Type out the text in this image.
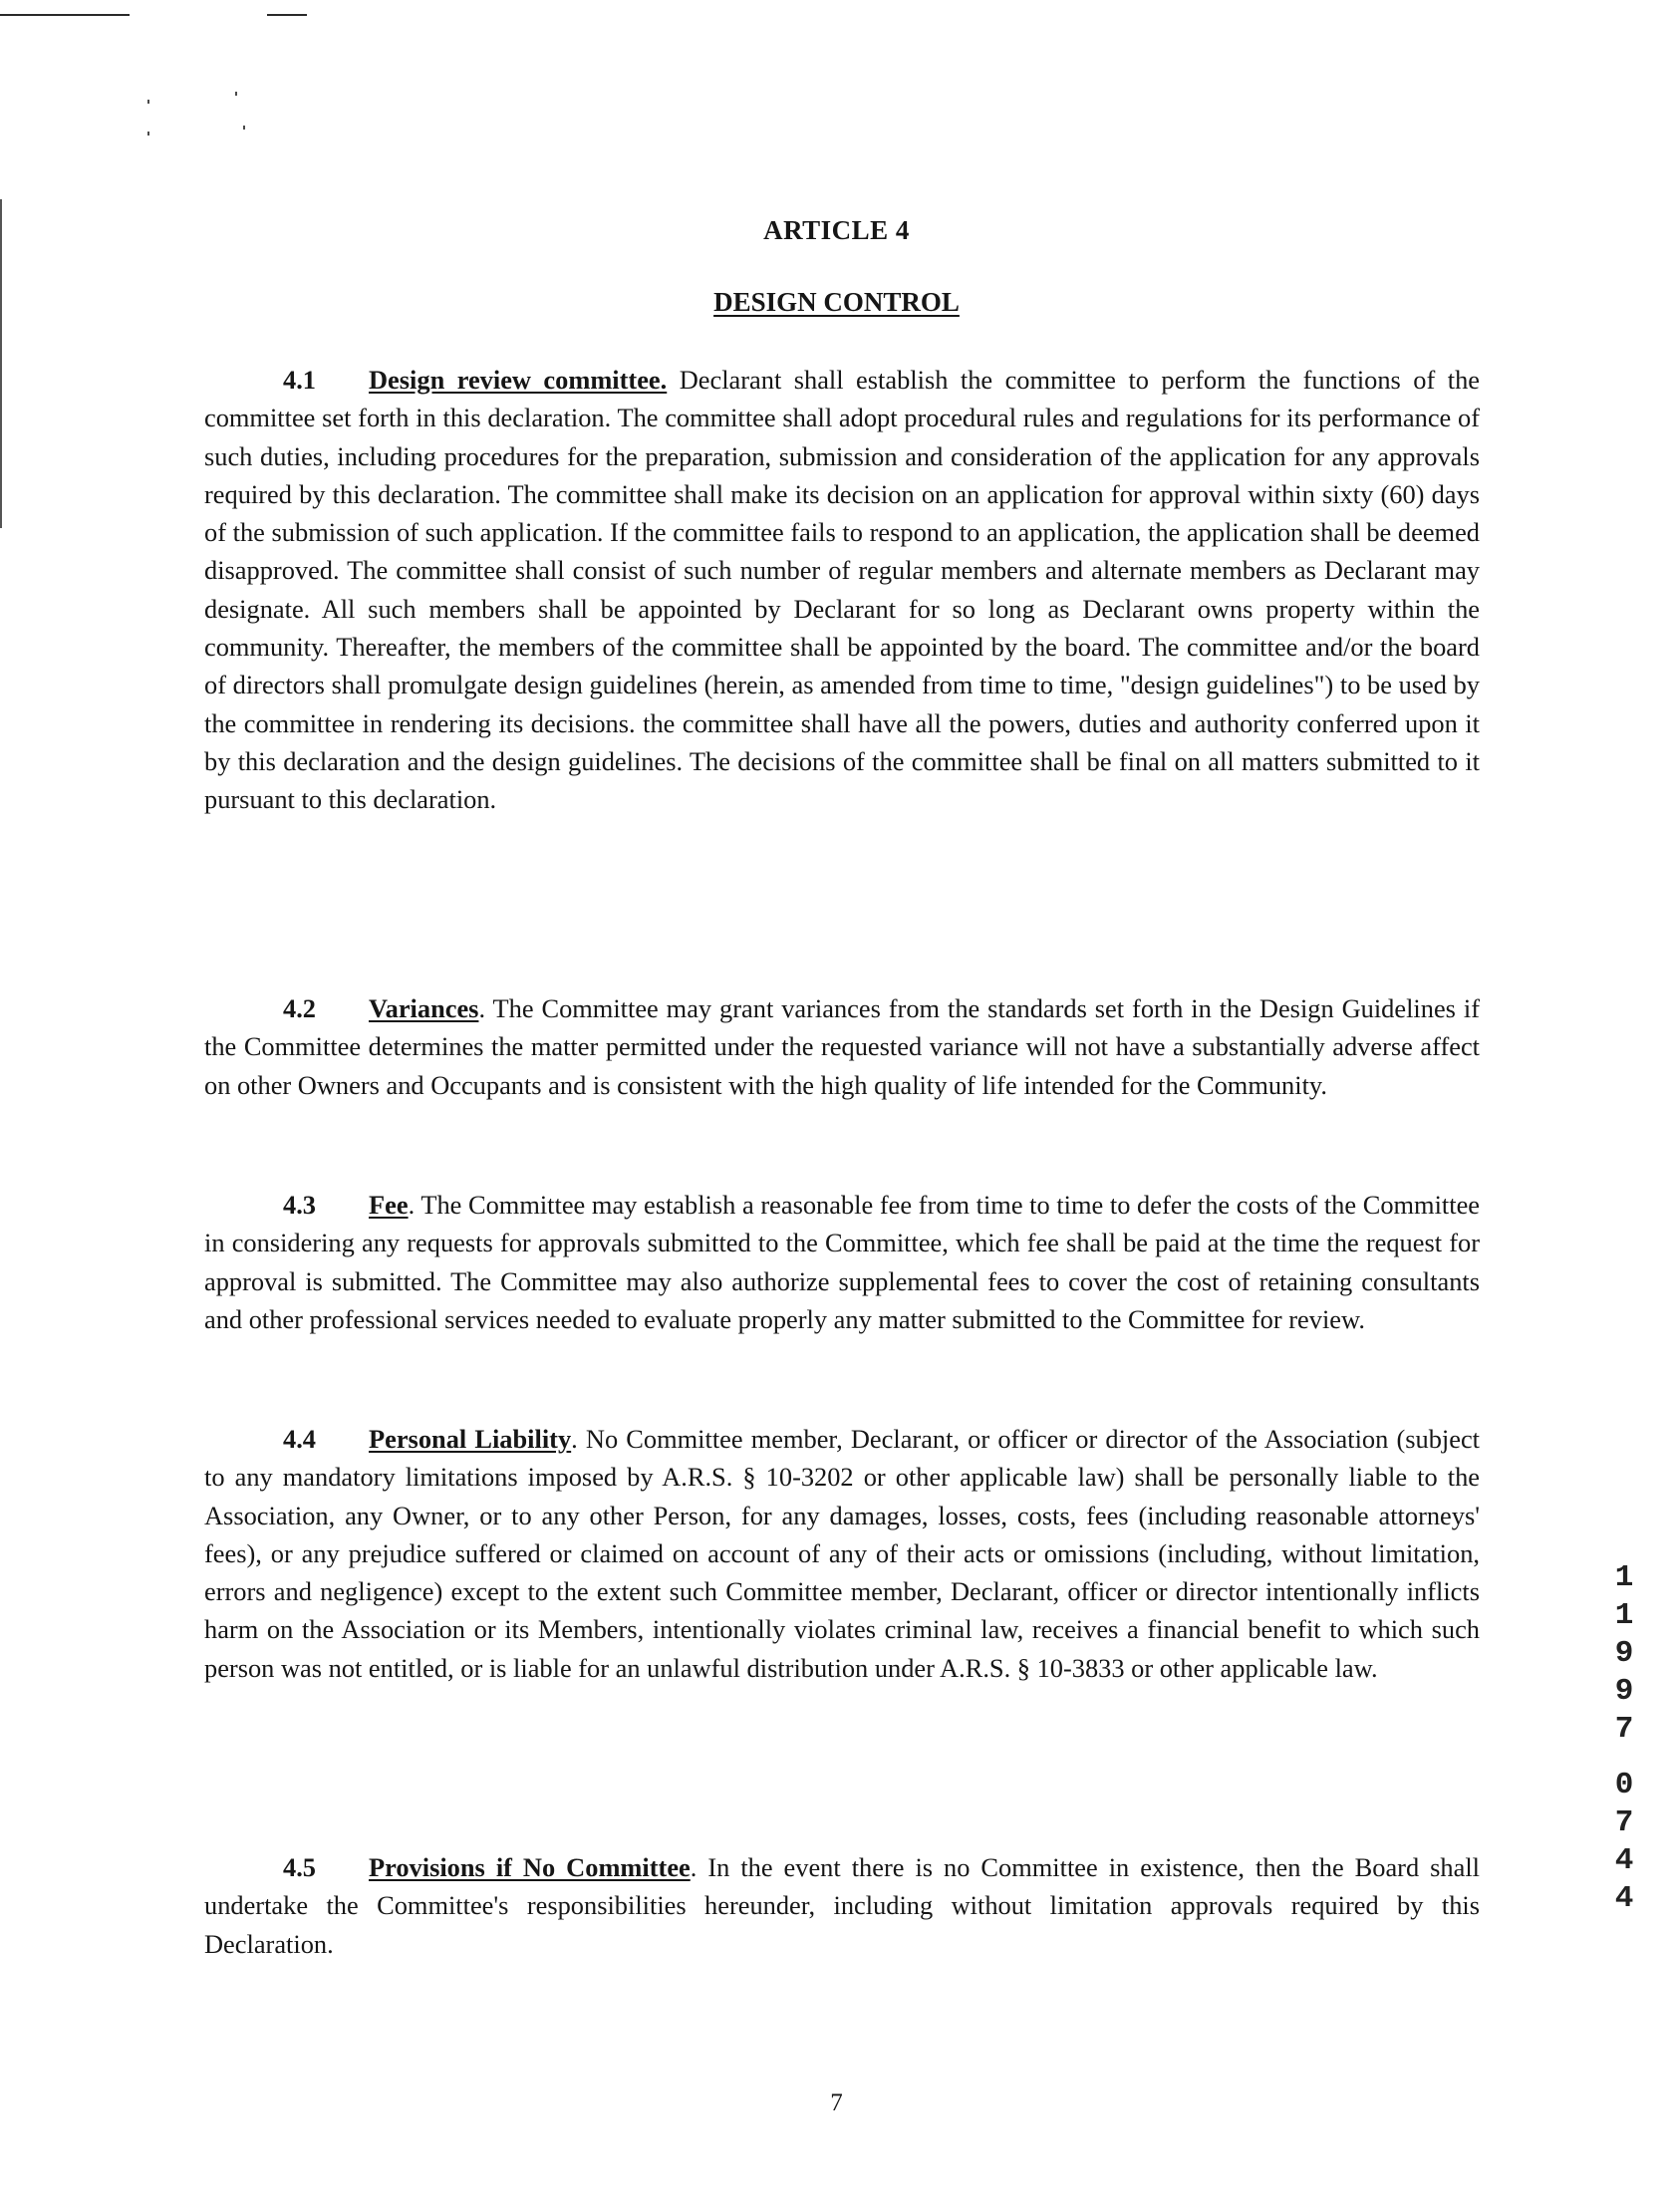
ARTICLE 4
DESIGN CONTROL

4.1 Design review committee. Declarant shall establish the committee to perform the functions of the committee set forth in this declaration. The committee shall adopt procedural rules and regulations for its performance of such duties, including procedures for the preparation, submission and consideration of the application for any approvals required by this declaration. The committee shall make its decision on an application for approval within sixty (60) days of the submission of such application. If the committee fails to respond to an application, the application shall be deemed disapproved. The committee shall consist of such number of regular members and alternate members as Declarant may designate. All such members shall be appointed by Declarant for so long as Declarant owns property within the community. Thereafter, the members of the committee shall be appointed by the board. The committee and/or the board of directors shall promulgate design guidelines (herein, as amended from time to time, "design guidelines") to be used by the committee in rendering its decisions. the committee shall have all the powers, duties and authority conferred upon it by this declaration and the design guidelines. The decisions of the committee shall be final on all matters submitted to it pursuant to this declaration.

4.2 Variances. The Committee may grant variances from the standards set forth in the Design Guidelines if the Committee determines the matter permitted under the requested variance will not have a substantially adverse affect on other Owners and Occupants and is consistent with the high quality of life intended for the Community.

4.3 Fee. The Committee may establish a reasonable fee from time to time to defer the costs of the Committee in considering any requests for approvals submitted to the Committee, which fee shall be paid at the time the request for approval is submitted. The Committee may also authorize supplemental fees to cover the cost of retaining consultants and other professional services needed to evaluate properly any matter submitted to the Committee for review.

4.4 Personal Liability. No Committee member, Declarant, or officer or director of the Association (subject to any mandatory limitations imposed by A.R.S. § 10-3202 or other applicable law) shall be personally liable to the Association, any Owner, or to any other Person, for any damages, losses, costs, fees (including reasonable attorneys' fees), or any prejudice suffered or claimed on account of any of their acts or omissions (including, without limitation, errors and negligence) except to the extent such Committee member, Declarant, officer or director intentionally inflicts harm on the Association or its Members, intentionally violates criminal law, receives a financial benefit to which such person was not entitled, or is liable for an unlawful distribution under A.R.S. § 10-3833 or other applicable law.

4.5 Provisions if No Committee. In the event there is no Committee in existence, then the Board shall undertake the Committee's responsibilities hereunder, including without limitation approvals required by this Declaration.

1
1
9
9
7
0
7
4
4
7
